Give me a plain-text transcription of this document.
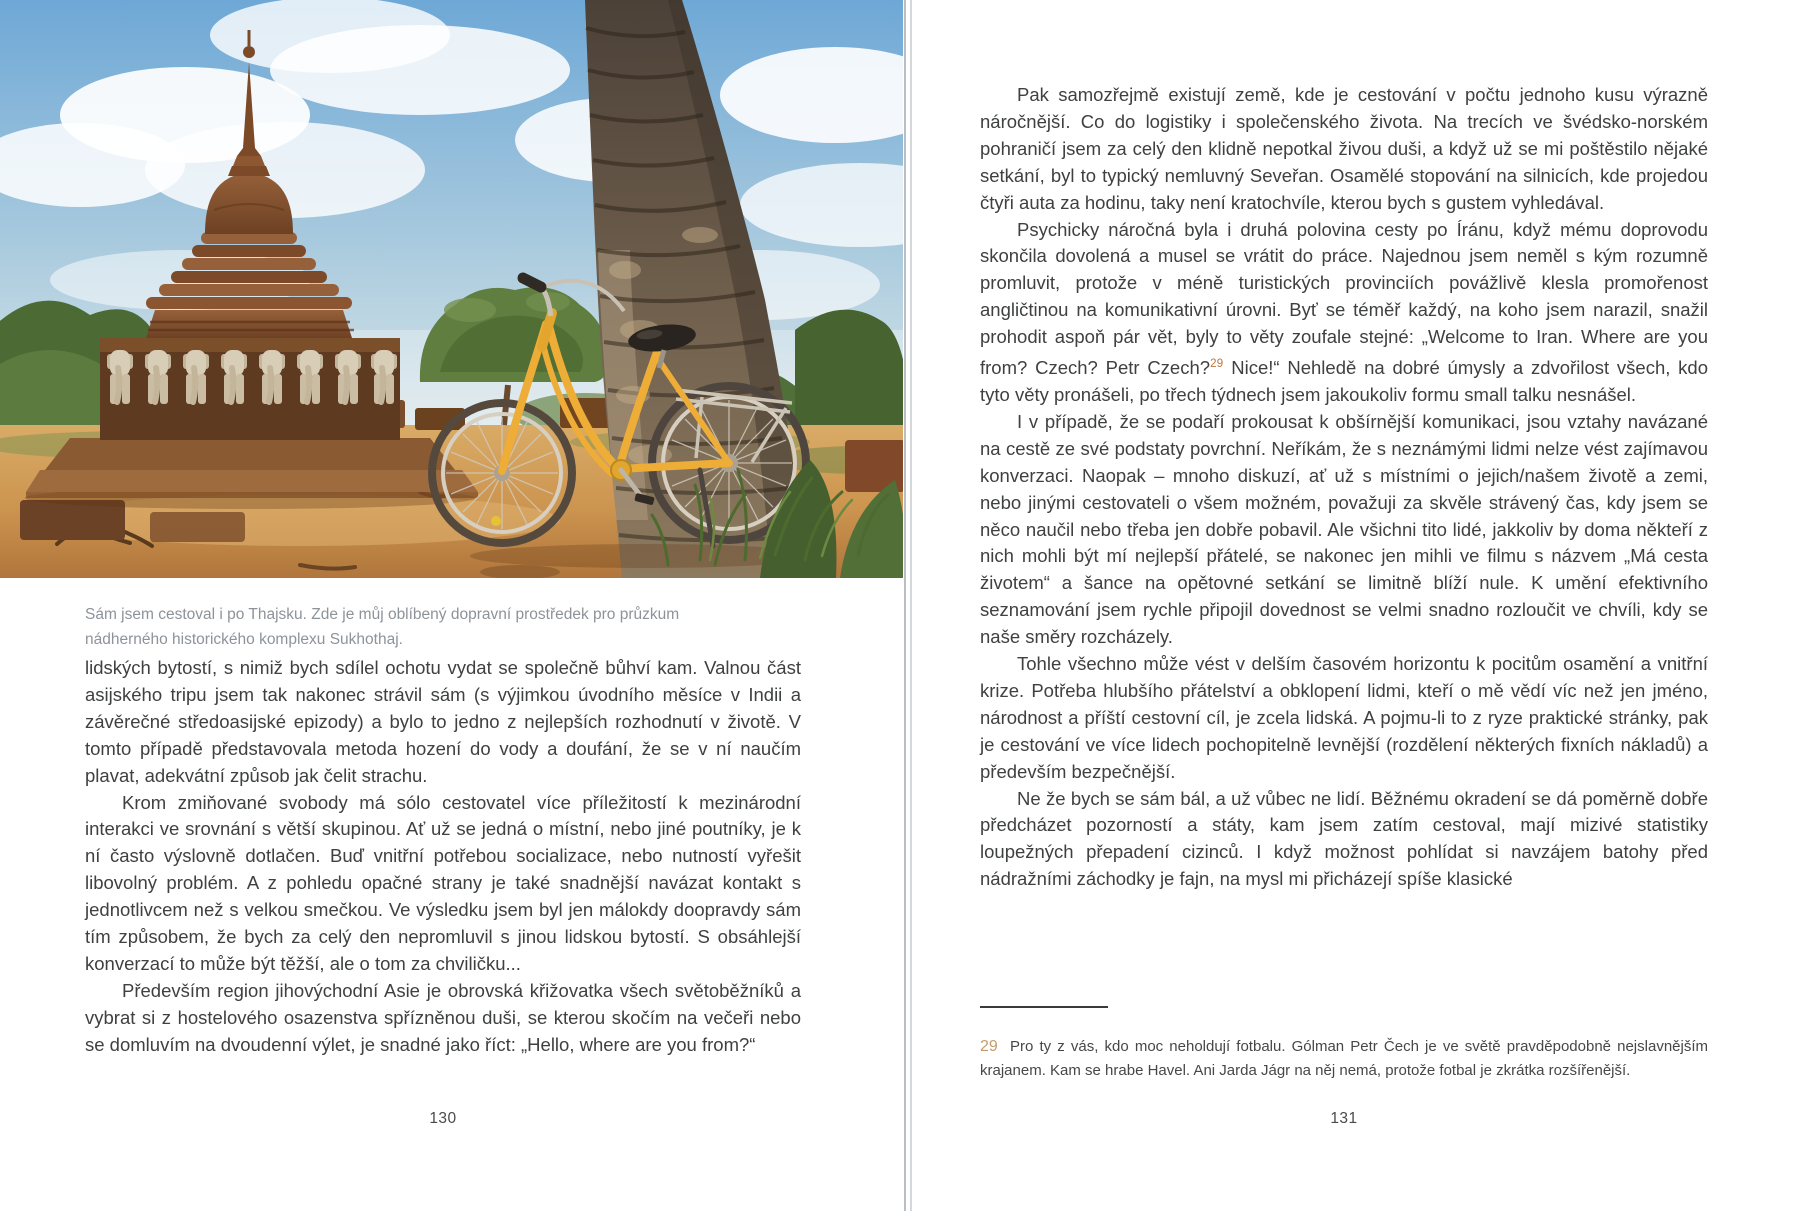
Sám jsem cestoval i po Thajsku. Zde je můj oblíbený dopravní prostředek pro průzkum nádherného historického komplexu Sukhothaj.

lidských bytostí, s nimiž bych sdílel ochotu vydat se společně bůhví kam. Valnou část asijského tripu jsem tak nakonec strávil sám (s výjimkou úvodního měsíce v Indii a závěrečné středoasijské epizody) a bylo to jedno z nejlepších rozhodnutí v životě. V tomto případě představovala metoda hození do vody a doufání, že se v ní naučím plavat, adekvátní způsob jak čelit strachu.

Krom zmiňované svobody má sólo cestovatel více příležitostí k mezinárodní interakci ve srovnání s větší skupinou. Ať už se jedná o místní, nebo jiné poutníky, je k ní často výslovně dotlačen. Buď vnitřní potřebou socializace, nebo nutností vyřešit libovolný problém. A z pohledu opačné strany je také snadnější navázat kontakt s jednotlivcem než s velkou smečkou. Ve výsledku jsem byl jen málokdy doopravdy sám tím způsobem, že bych za celý den nepromluvil s jinou lidskou bytostí. S obsáhlejší konverzací to může být těžší, ale o tom za chviličku...

Především region jihovýchodní Asie je obrovská křižovatka všech světoběžníků a vybrat si z hostelového osazenstva spřízněnou duši, se kterou skočím na večeři nebo se domluvím na dvoudenní výlet, je snadné jako říct: „Hello, where are you from?“

130

Pak samozřejmě existují země, kde je cestování v počtu jednoho kusu výrazně náročnější. Co do logistiky i společenského života. Na trecích ve švédsko-norském pohraničí jsem za celý den klidně nepotkal živou duši, a když už se mi poštěstilo nějaké setkání, byl to typický nemluvný Seveřan. Osamělé stopování na silnicích, kde projedou čtyři auta za hodinu, taky není kratochvíle, kterou bych s gustem vyhledával.

Psychicky náročná byla i druhá polovina cesty po Íránu, když mému doprovodu skončila dovolená a musel se vrátit do práce. Najednou jsem neměl s kým rozumně promluvit, protože v méně turistických provinciích povážlivě klesla promořenost angličtinou na komunikativní úrovni. Byť se téměř každý, na koho jsem narazil, snažil prohodit aspoň pár vět, byly to věty zoufale stejné: „Welcome to Iran. Where are you from? Czech? Petr Czech?$^{29}$ Nice!“ Nehledě na dobré úmysly a zdvořilost všech, kdo tyto věty pronášeli, po třech týdnech jsem jakoukoliv formu small talku nesnášel.

I v případě, že se podaří prokousat k obšírnější komunikaci, jsou vztahy navázané na cestě ze své podstaty povrchní. Neříkám, že s neznámými lidmi nelze vést zajímavou konverzaci. Naopak – mnoho diskuzí, ať už s místními o jejich/našem životě a zemi, nebo jinými cestovateli o všem možném, považuji za skvěle strávený čas, kdy jsem se něco naučil nebo třeba jen dobře pobavil. Ale všichni tito lidé, jakkoliv by doma někteří z nich mohli být mí nejlepší přátelé, se nakonec jen mihli ve filmu s názvem „Má cesta životem“ a šance na opětovné setkání se limitně blíží nule. K umění efektivního seznamování jsem rychle připojil dovednost se velmi snadno rozloučit ve chvíli, kdy se naše směry rozcházely.

Tohle všechno může vést v delším časovém horizontu k pocitům osamění a vnitřní krize. Potřeba hlubšího přátelství a obklopení lidmi, kteří o mě vědí víc než jen jméno, národnost a příští cestovní cíl, je zcela lidská. A pojmu-li to z ryze praktické stránky, pak je cestování ve více lidech pochopitelně levnější (rozdělení některých fixních nákladů) a především bezpečnější.

Ne že bych se sám bál, a už vůbec ne lidí. Běžnému okradení se dá poměrně dobře předcházet pozorností a státy, kam jsem zatím cestoval, mají mizivé statistiky loupežných přepadení cizinců. I když možnost pohlídat si navzájem batohy před nádražními záchodky je fajn, na mysl mi přicházejí spíše klasické

29 Pro ty z vás, kdo moc neholdují fotbalu. Gólman Petr Čech je ve světě pravděpodobně nejslavnějším krajanem. Kam se hrabe Havel. Ani Jarda Jágr na něj nemá, protože fotbal je zkrátka rozšířenější.

131
